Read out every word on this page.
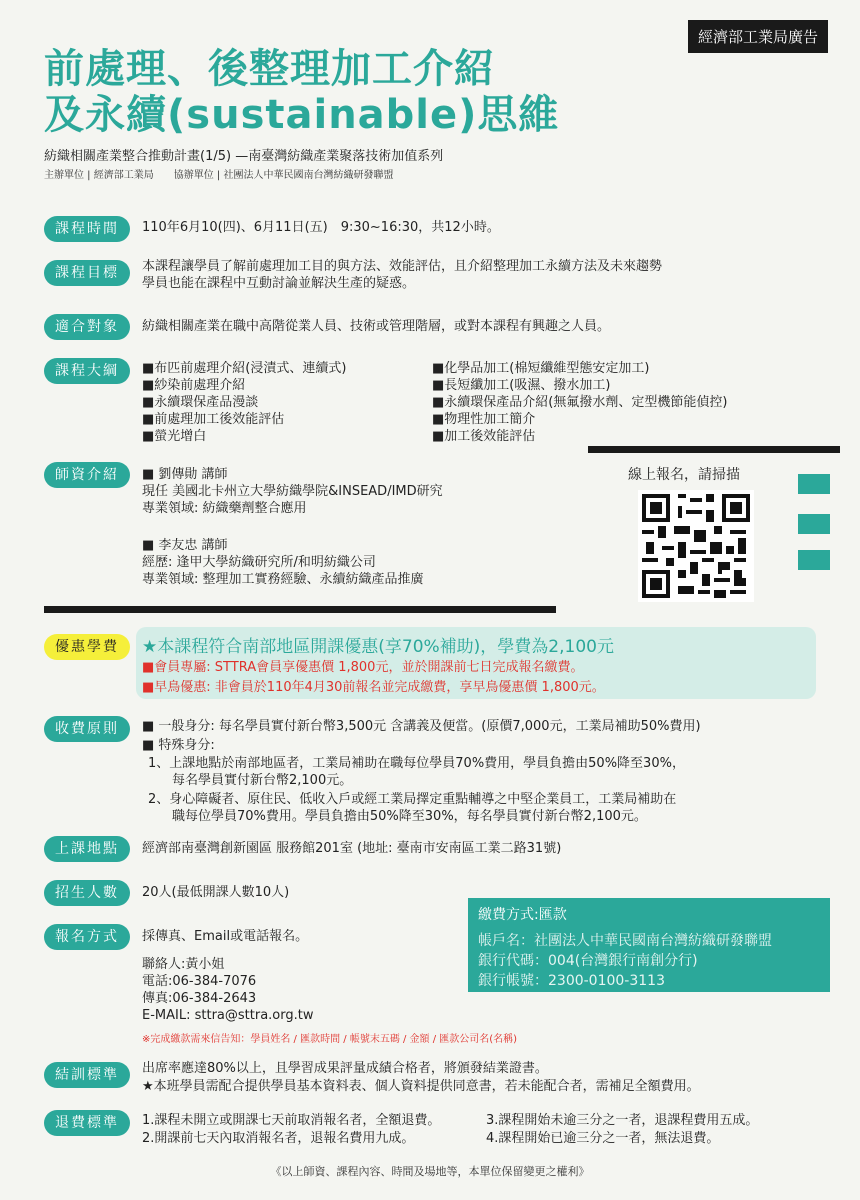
經濟部工業局廣告
前處理、後整理加工介紹
及永續(sustainable)思維
紡織相關產業整合推動計畫(1/5) —南臺灣紡織產業聚落技術加值系列
主辦單位 | 經濟部工業局　　協辦單位 | 社團法人中華民國南台灣紡織研發聯盟
課程時間	110年6月10(四)、6月11日(五)　9:30~16:30，共12小時。
課程目標	本課程讓學員了解前處理加工目的與方法、效能評估，且介紹整理加工永續方法及未來趨勢
學員也能在課程中互動討論並解決生產的疑惑。
適合對象	紡織相關產業在職中高階從業人員、技術或管理階層，或對本課程有興趣之人員。
課程大綱	■布匹前處理介紹(浸漬式、連續式)
■紗染前處理介紹
■永續環保產品漫談
■前處理加工後效能評估
■螢光增白
■化學品加工(棉短纖維型態安定加工)
■長短纖加工(吸濕、撥水加工)
■永續環保產品介紹(無氟撥水劑、定型機節能偵控)
■物理性加工簡介
■加工後效能評估
師資介紹	■ 劉傳勛 講師
現任 美國北卡州立大學紡織學院&INSEAD/IMD研究
專業領域: 紡織藥劑整合應用
■ 李友忠 講師
經歷: 逢甲大學紡織研究所/和明紡織公司
專業領域: 整理加工實務經驗、永續紡織產品推廣
線上報名，請掃描
優惠學費	★本課程符合南部地區開課優惠(享70%補助)，學費為2,100元
■會員專屬: STTRA會員享優惠價 1,800元，並於開課前七日完成報名繳費。
■早鳥優惠: 非會員於110年4月30前報名並完成繳費，享早鳥優惠價 1,800元。
收費原則	■ 一般身分: 每名學員實付新台幣3,500元 含講義及便當。(原價7,000元，工業局補助50%費用)
■ 特殊身分:
1、上課地點於南部地區者，工業局補助在職每位學員70%費用，學員負擔由50%降至30%，
每名學員實付新台幣2,100元。
2、身心障礙者、原住民、低收入戶或經工業局擇定重點輔導之中堅企業員工，工業局補助在
職每位學員70%費用。學員負擔由50%降至30%，每名學員實付新台幣2,100元。
上課地點	經濟部南臺灣創新園區 服務館201室 (地址: 臺南市安南區工業二路31號)
招生人數	20人(最低開課人數10人)
報名方式	採傳真、Email或電話報名。
聯絡人:黃小姐
電話:06-384-7076
傳真:06-384-2643
E-MAIL: sttra@sttra.org.tw
※完成繳款需來信告知：學員姓名 / 匯款時間 / 帳號末五碼 / 金額 / 匯款公司名(名稱)
繳費方式:匯款
帳戶名：社團法人中華民國南台灣紡織研發聯盟
銀行代碼：004(台灣銀行南創分行)
銀行帳號：2300-0100-3113
結訓標準	出席率應達80%以上，且學習成果評量成績合格者，將頒發結業證書。
★本班學員需配合提供學員基本資料表、個人資料提供同意書，若未能配合者，需補足全額費用。
退費標準	1.課程未開立或開課七天前取消報名者，全額退費。
2.開課前七天內取消報名者，退報名費用九成。
3.課程開始未逾三分之一者，退課程費用五成。
4.課程開始已逾三分之一者，無法退費。
《以上師資、課程內容、時間及場地等，本單位保留變更之權利》
